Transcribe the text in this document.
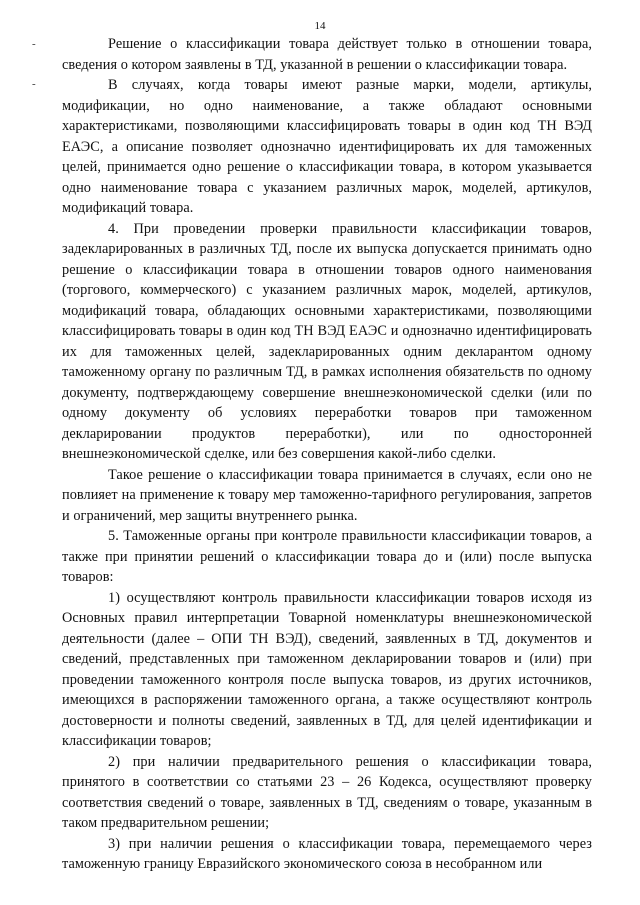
14
-
-

Решение о классификации товара действует только в отношении товара, сведения о котором заявлены в ТД, указанной в решении о классификации товара.

В случаях, когда товары имеют разные марки, модели, артикулы, модификации, но одно наименование, а также обладают основными характеристиками, позволяющими классифицировать товары в один код ТН ВЭД ЕАЭС, а описание позволяет однозначно идентифицировать их для таможенных целей, принимается одно решение о классификации товара, в котором указывается одно наименование товара с указанием различных марок, моделей, артикулов, модификаций товара.

4. При проведении проверки правильности классификации товаров, задекларированных в различных ТД, после их выпуска допускается принимать одно решение о классификации товара в отношении товаров одного наименования (торгового, коммерческого) с указанием различных марок, моделей, артикулов, модификаций товара, обладающих основными характеристиками, позволяющими классифицировать товары в один код ТН ВЭД ЕАЭС и однозначно идентифицировать их для таможенных целей, задекларированных одним декларантом одному таможенному органу по различным ТД, в рамках исполнения обязательств по одному документу, подтверждающему совершение внешнеэкономической сделки (или по одному документу об условиях переработки товаров при таможенном декларировании продуктов переработки), или по односторонней внешнеэкономической сделке, или без совершения какой-либо сделки.

Такое решение о классификации товара принимается в случаях, если оно не повлияет на применение к товару мер таможенно-тарифного регулирования, запретов и ограничений, мер защиты внутреннего рынка.

5. Таможенные органы при контроле правильности классификации товаров, а также при принятии решений о классификации товара до и (или) после выпуска товаров:

1) осуществляют контроль правильности классификации товаров исходя из Основных правил интерпретации Товарной номенклатуры внешнеэкономической деятельности (далее – ОПИ ТН ВЭД), сведений, заявленных в ТД, документов и сведений, представленных при таможенном декларировании товаров и (или) при проведении таможенного контроля после выпуска товаров, из других источников, имеющихся в распоряжении таможенного органа, а также осуществляют контроль достоверности и полноты сведений, заявленных в ТД, для целей идентификации и классификации товаров;

2) при наличии предварительного решения о классификации товара, принятого в соответствии со статьями 23 – 26 Кодекса, осуществляют проверку соответствия сведений о товаре, заявленных в ТД, сведениям о товаре, указанным в таком предварительном решении;

3) при наличии решения о классификации товара, перемещаемого через таможенную границу Евразийского экономического союза в несобранном или
